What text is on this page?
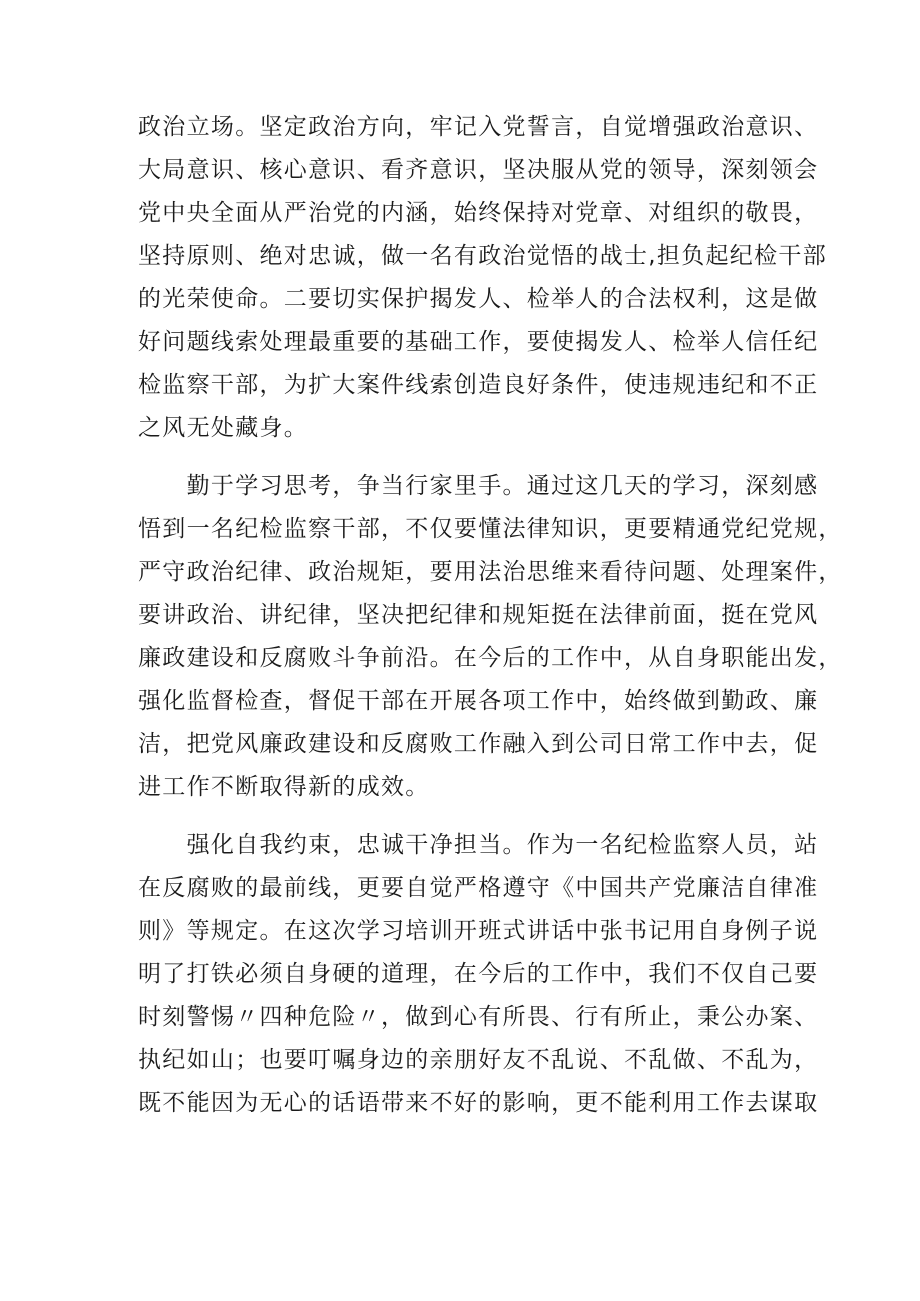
政治立场。坚定政治方向，牢记入党誓言，自觉增强政治意识、
大局意识、核心意识、看齐意识，坚决服从党的领导，深刻领会
党中央全面从严治党的内涵，始终保持对党章、对组织的敬畏，
坚持原则、绝对忠诚，做一名有政治觉悟的战士,担负起纪检干部
的光荣使命。二要切实保护揭发人、检举人的合法权利，这是做
好问题线索处理最重要的基础工作，要使揭发人、检举人信任纪
检监察干部，为扩大案件线索创造良好条件，使违规违纪和不正
之风无处藏身。
　　勤于学习思考，争当行家里手。通过这几天的学习，深刻感
悟到一名纪检监察干部，不仅要懂法律知识，更要精通党纪党规，
严守政治纪律、政治规矩，要用法治思维来看待问题、处理案件，
要讲政治、讲纪律，坚决把纪律和规矩挺在法律前面，挺在党风
廉政建设和反腐败斗争前沿。在今后的工作中，从自身职能出发，
强化监督检查，督促干部在开展各项工作中，始终做到勤政、廉
洁，把党风廉政建设和反腐败工作融入到公司日常工作中去，促
进工作不断取得新的成效。
　　强化自我约束，忠诚干净担当。作为一名纪检监察人员，站
在反腐败的最前线，更要自觉严格遵守《中国共产党廉洁自律准
则》等规定。在这次学习培训开班式讲话中张书记用自身例子说
明了打铁必须自身硬的道理，在今后的工作中，我们不仅自己要
时刻警惕〃四种危险〃，做到心有所畏、行有所止，秉公办案、
执纪如山；也要叮嘱身边的亲朋好友不乱说、不乱做、不乱为，
既不能因为无心的话语带来不好的影响，更不能利用工作去谋取
